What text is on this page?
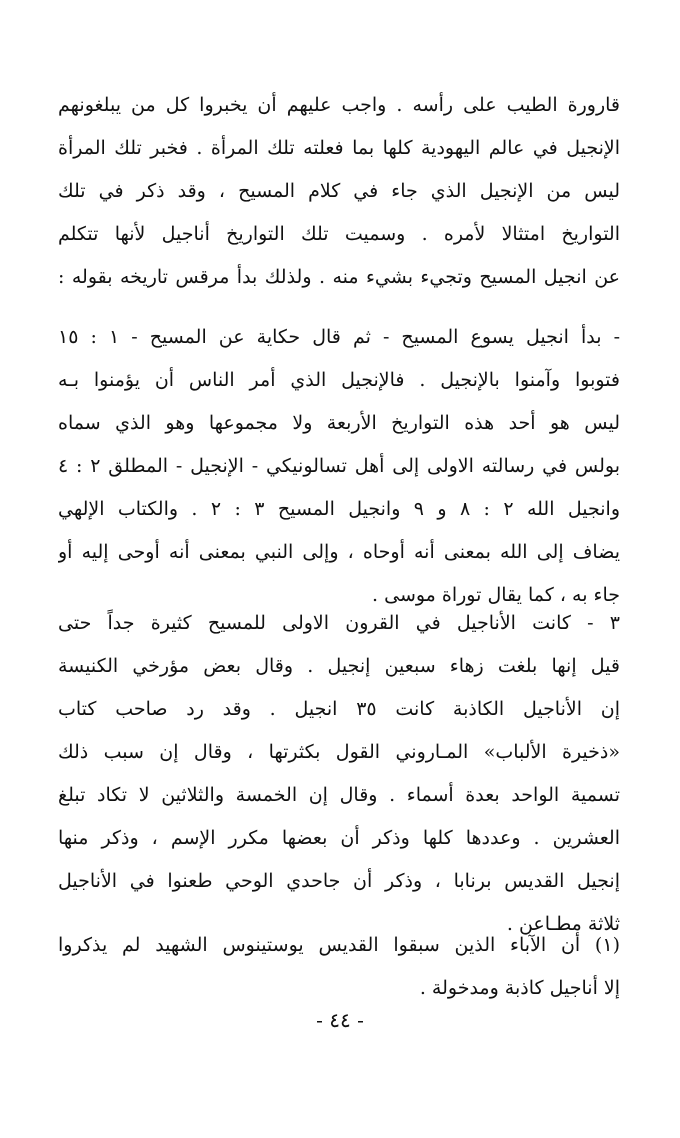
قارورة الطيب على رأسه . واجب عليهم أن يخبروا كل من يبلغونهم
الإنجيل في عالم اليهودية كلها بما فعلته تلك المرأة . فخبر تلك المرأة
ليس من الإنجيل الذي جاء في كلام المسيح ، وقد ذكر في تلك
التواريخ امتثالا لأمره . وسميت تلك التواريخ أناجيل لأنها تتكلم
عن انجيل المسيح وتجيء بشيء منه . ولذلك بدأ مرقس تاريخه بقوله :
- بدأ انجيل يسوع المسيح - ثم قال حكاية عن المسيح - ١ : ١٥
فتوبوا وآمنوا بالإنجيل . فالإنجيل الذي أمر الناس أن يؤمنوا بـه
ليس هو أحد هذه التواريخ الأربعة ولا مجموعها وهو الذي سماه
بولس في رسالته الاولى إلى أهل تسالونيكي - الإنجيل - المطلق ٢ : ٤
وانجيل الله ٢ : ٨ و ٩ وانجيل المسيح ٣ : ٢ . والكتاب الإلهي
يضاف إلى الله بمعنى أنه أوحاه ، وإلى النبي بمعنى أنه أوحى إليه أو
جاء به ، كما يقال توراة موسى .
٣ - كانت الأناجيل في القرون الاولى للمسيح كثيرة جداً حتى
قيل إنها بلغت زهاء سبعين إنجيل . وقال بعض مؤرخي الكنيسة
إن الأناجيل الكاذبة كانت ٣٥ انجيل . وقد رد صاحب كتاب
«ذخيرة الألباب» المـاروني القول بكثرتها ، وقال إن سبب ذلك
تسمية الواحد بعدة أسماء . وقال إن الخمسة والثلاثين لا تكاد تبلغ
العشرين . وعددها كلها وذكر أن بعضها مكرر الإسم ، وذكر منها
إنجيل القديس برنابا ، وذكر أن جاحدي الوحي طعنوا في الأناجيل
ثلاثة مطـاعن .
(١) أن الآباء الذين سبقوا القديس يوستينوس الشهيد لم يذكروا
إلا أناجيل كاذبة ومدخولة .
- ٤٤ -
